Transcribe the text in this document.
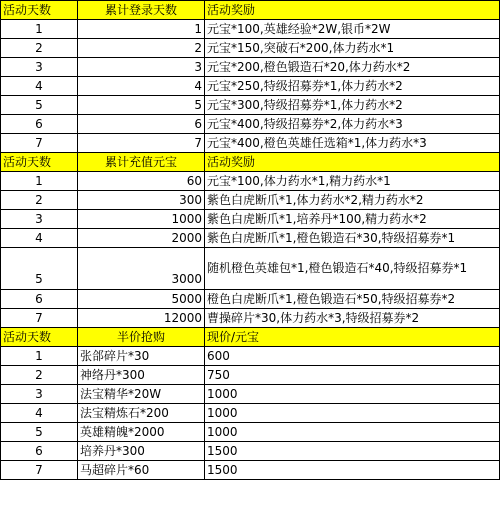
活动天数	累计登录天数	活动奖励
1	1	元宝*100,英雄经验*2W,银币*2W
2	2	元宝*150,突破石*200,体力药水*1
3	3	元宝*200,橙色锻造石*20,体力药水*2
4	4	元宝*250,特级招募券*1,体力药水*2
5	5	元宝*300,特级招募券*1,体力药水*2
6	6	元宝*400,特级招募券*2,体力药水*3
7	7	元宝*400,橙色英雄任选箱*1,体力药水*3
活动天数	累计充值元宝	活动奖励
1	60	元宝*100,体力药水*1,精力药水*1
2	300	紫色白虎断爪*1,体力药水*2,精力药水*2
3	1000	紫色白虎断爪*1,培养丹*100,精力药水*2
4	2000	紫色白虎断爪*1,橙色锻造石*30,特级招募券*1
5	3000	随机橙色英雄包*1,橙色锻造石*40,特级招募券*1
6	5000	橙色白虎断爪*1,橙色锻造石*50,特级招募券*2
7	12000	曹操碎片*30,体力药水*3,特级招募券*2
活动天数	半价抢购	现价/元宝
1	张郃碎片*30	600
2	神络丹*300	750
3	法宝精华*20W	1000
4	法宝精炼石*200	1000
5	英雄精魄*2000	1000
6	培养丹*300	1500
7	马超碎片*60	1500
